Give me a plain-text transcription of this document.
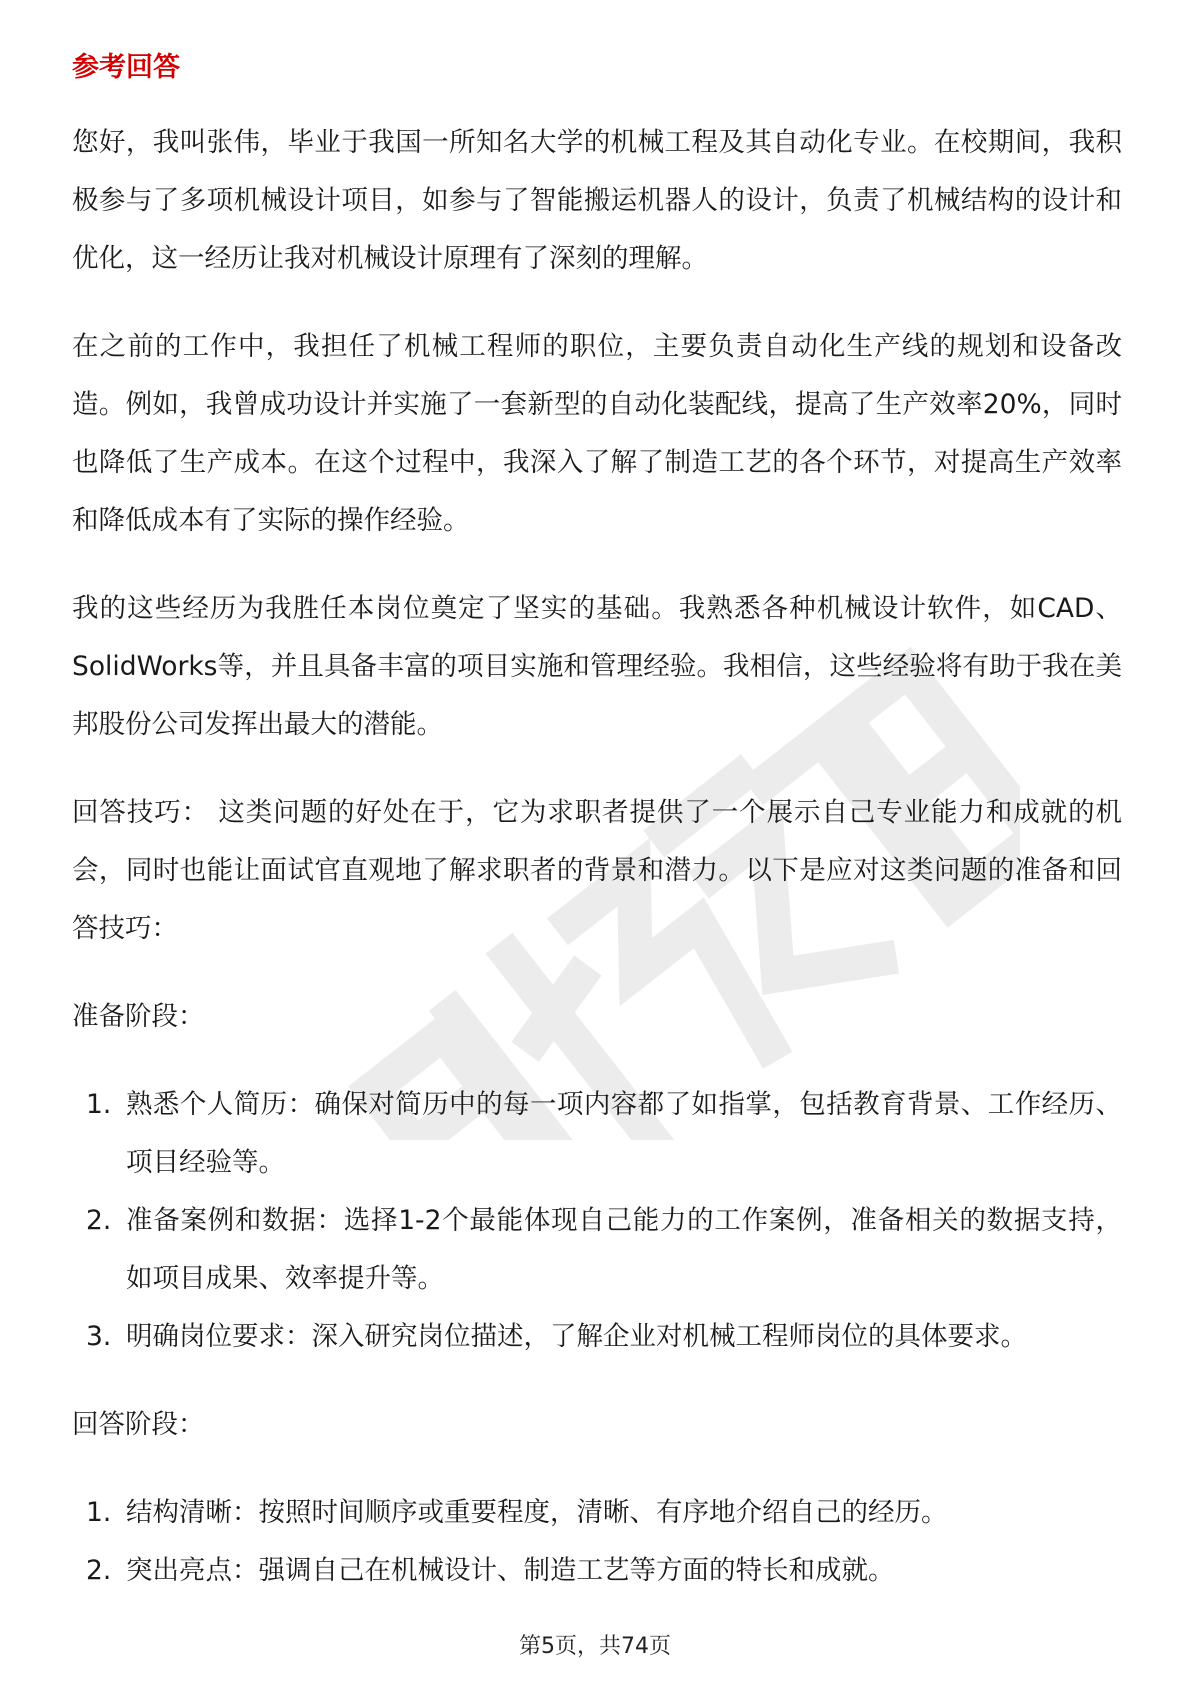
参考回答

您好，我叫张伟，毕业于我国一所知名大学的机械工程及其自动化专业。在校期间，我积极参与了多项机械设计项目，如参与了智能搬运机器人的设计，负责了机械结构的设计和优化，这一经历让我对机械设计原理有了深刻的理解。

在之前的工作中，我担任了机械工程师的职位，主要负责自动化生产线的规划和设备改造。例如，我曾成功设计并实施了一套新型的自动化装配线，提高了生产效率20%，同时也降低了生产成本。在这个过程中，我深入了解了制造工艺的各个环节，对提高生产效率和降低成本有了实际的操作经验。

我的这些经历为我胜任本岗位奠定了坚实的基础。我熟悉各种机械设计软件，如CAD、SolidWorks等，并且具备丰富的项目实施和管理经验。我相信，这些经验将有助于我在美邦股份公司发挥出最大的潜能。

回答技巧： 这类问题的好处在于，它为求职者提供了一个展示自己专业能力和成就的机会，同时也能让面试官直观地了解求职者的背景和潜力。以下是应对这类问题的准备和回答技巧：

准备阶段：
1. 熟悉个人简历：确保对简历中的每一项内容都了如指掌，包括教育背景、工作经历、项目经验等。
2. 准备案例和数据：选择1-2个最能体现自己能力的工作案例，准备相关的数据支持，如项目成果、效率提升等。
3. 明确岗位要求：深入研究岗位描述，了解企业对机械工程师岗位的具体要求。
回答阶段：
1. 结构清晰：按照时间顺序或重要程度，清晰、有序地介绍自己的经历。
2. 突出亮点：强调自己在机械设计、制造工艺等方面的特长和成就。
第5页，共74页
